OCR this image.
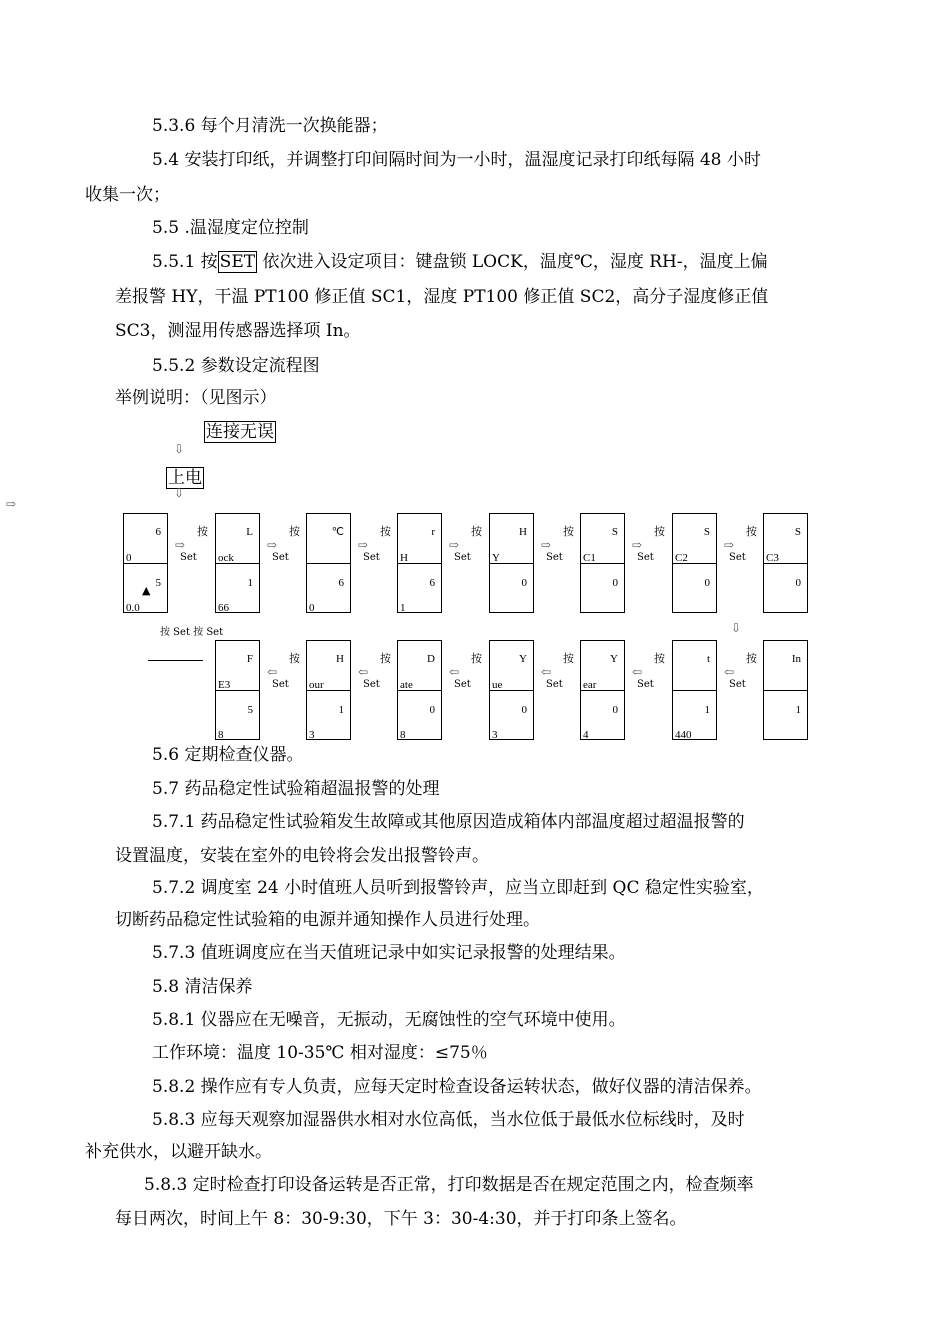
5.3.6 每个月清洗一次换能器；
5.4 安装打印纸，并调整打印间隔时间为一小时，温湿度记录打印纸每隔 48 小时
收集一次；
5.5 .温湿度定位控制
5.5.1 按 SET 依次进入设定项目：键盘锁 LOCK，温度℃，湿度 RH-，温度上偏
差报警 HY，干温 PT100 修正值 SC1，湿度 PT100 修正值 SC2，高分子湿度修正值
SC3，测湿用传感器选择项 In。
5.5.2 参数设定流程图
举例说明：（见图示）
连接无误
⇩
上电
⇩
⇨
6
0
5
0.0
L
ock
1
66
℃
6
0
r
H
6
1
H
Y
0
S
C1
0
S
C2
0
S
C3
0
F
E3
5
8
H
our
1
3
D
ate
0
8
Y
ue
0
3
Y
ear
0
4
t
1
440
In
1
▲
按 Set 按 Set	⇩
5.6 定期检查仪器。
5.7 药品稳定性试验箱超温报警的处理
5.7.1 药品稳定性试验箱发生故障或其他原因造成箱体内部温度超过超温报警的
设置温度，安装在室外的电铃将会发出报警铃声。
5.7.2 调度室 24 小时值班人员听到报警铃声，应当立即赶到 QC 稳定性实验室，
切断药品稳定性试验箱的电源并通知操作人员进行处理。
5.7.3 值班调度应在当天值班记录中如实记录报警的处理结果。
5.8 清洁保养
5.8.1 仪器应在无噪音，无振动，无腐蚀性的空气环境中使用。
工作环境：温度 10-35℃ 相对湿度：≤75％
5.8.2 操作应有专人负责，应每天定时检查设备运转状态，做好仪器的清洁保养。
5.8.3 应每天观察加湿器供水相对水位高低，当水位低于最低水位标线时，及时
补充供水，以避开缺水。
5.8.3 定时检查打印设备运转是否正常，打印数据是否在规定范围之内，检查频率
每日两次，时间上午 8：30-9:30，下午 3：30-4:30，并于打印条上签名。
⇨
按
Set
⇨
按
Set
⇨
按
Set
⇨
按
Set
⇨
按
Set
⇨
按
Set
⇨
按
Set
⇦
按
Set
⇦
按
Set
⇦
按
Set
⇦
按
Set
⇦
按
Set
⇦
按
Set
